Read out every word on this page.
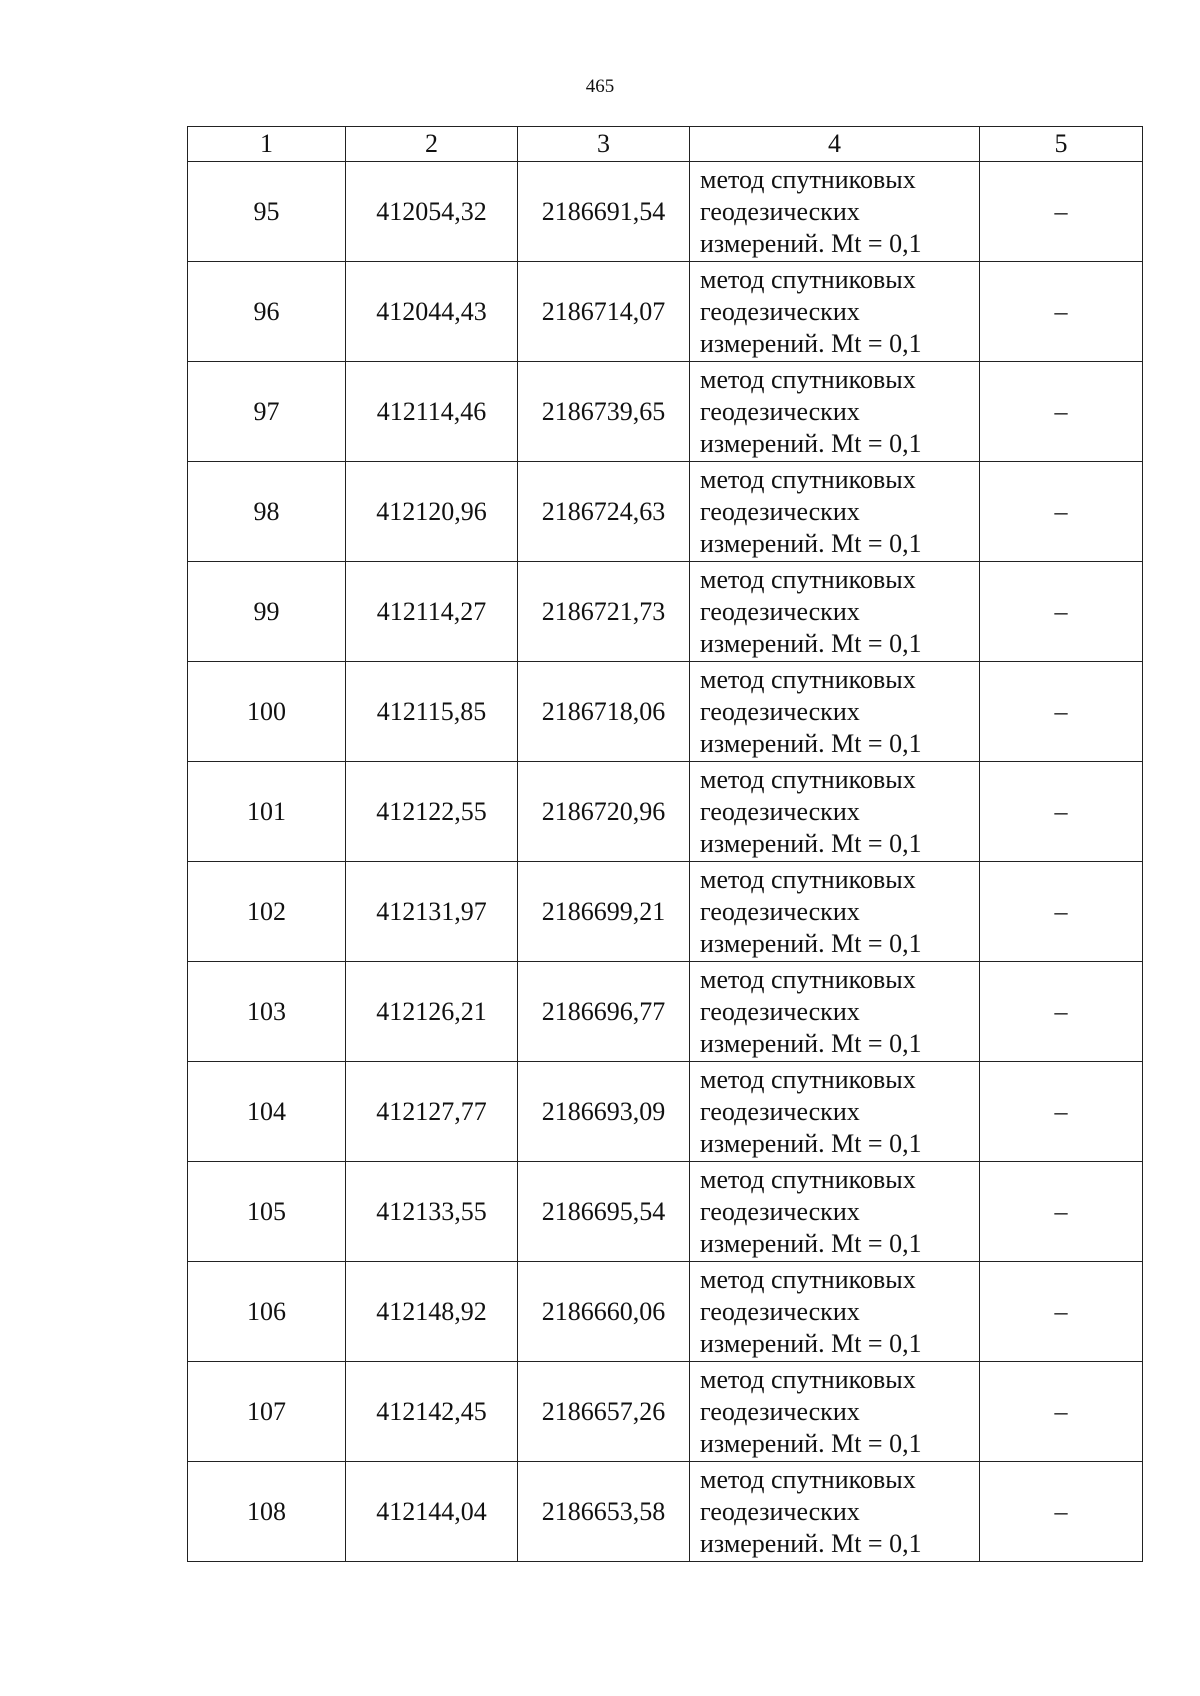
465
1	2	3	4	5
95	412054,32	2186691,54	метод спутниковых
геодезических
измерений. Mt = 0,1	–
96	412044,43	2186714,07	метод спутниковых
геодезических
измерений. Mt = 0,1	–
97	412114,46	2186739,65	метод спутниковых
геодезических
измерений. Mt = 0,1	–
98	412120,96	2186724,63	метод спутниковых
геодезических
измерений. Mt = 0,1	–
99	412114,27	2186721,73	метод спутниковых
геодезических
измерений. Mt = 0,1	–
100	412115,85	2186718,06	метод спутниковых
геодезических
измерений. Mt = 0,1	–
101	412122,55	2186720,96	метод спутниковых
геодезических
измерений. Mt = 0,1	–
102	412131,97	2186699,21	метод спутниковых
геодезических
измерений. Mt = 0,1	–
103	412126,21	2186696,77	метод спутниковых
геодезических
измерений. Mt = 0,1	–
104	412127,77	2186693,09	метод спутниковых
геодезических
измерений. Mt = 0,1	–
105	412133,55	2186695,54	метод спутниковых
геодезических
измерений. Mt = 0,1	–
106	412148,92	2186660,06	метод спутниковых
геодезических
измерений. Mt = 0,1	–
107	412142,45	2186657,26	метод спутниковых
геодезических
измерений. Mt = 0,1	–
108	412144,04	2186653,58	метод спутниковых
геодезических
измерений. Mt = 0,1	–
